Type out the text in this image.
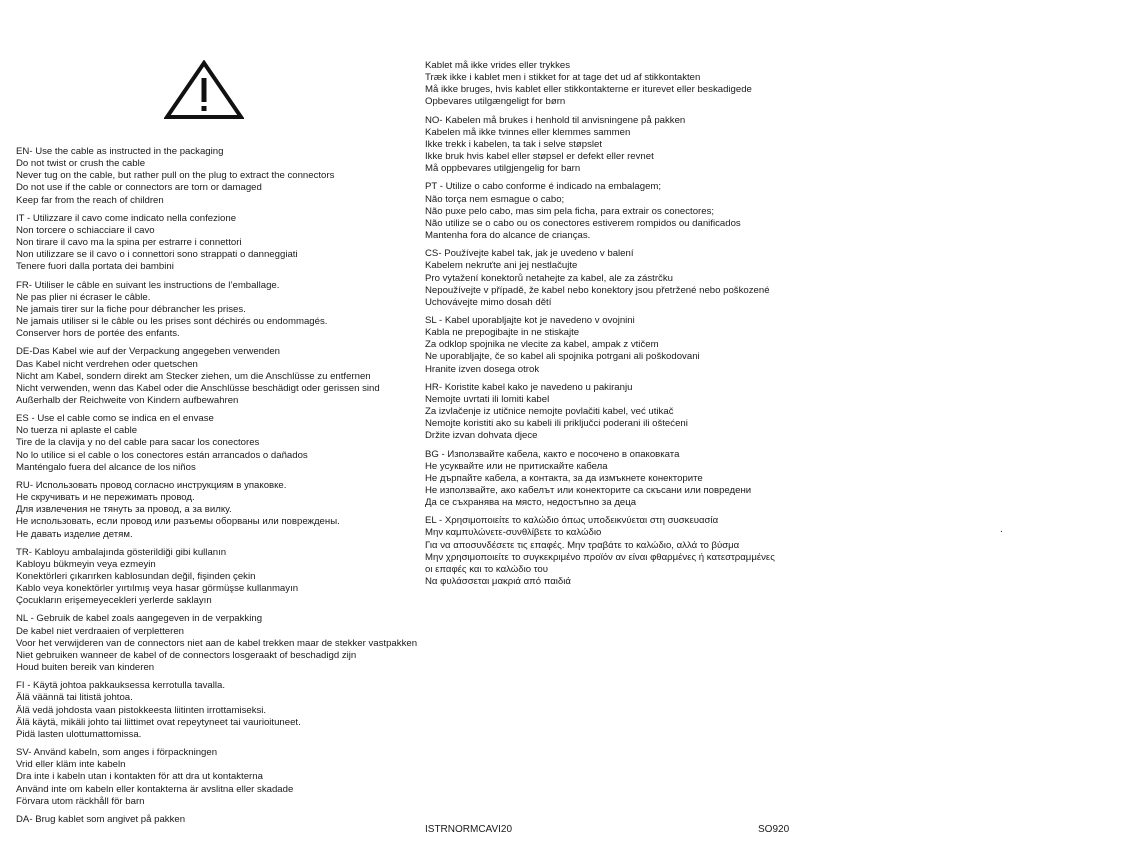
EN- Use the cable as instructed in the packaging
Do not twist or crush the cable
Never tug on the cable, but rather pull on the plug to extract the connectors
Do not use if the cable or connectors are torn or damaged
Keep far from the reach of children
IT - Utilizzare il cavo come indicato nella confezione
Non torcere o schiacciare il cavo
Non tirare il cavo ma la spina per estrarre i connettori
Non utilizzare se il cavo o i connettori sono strappati o danneggiati
Tenere fuori dalla portata dei bambini
FR- Utiliser le câble en suivant les instructions de l’emballage.
Ne pas plier ni écraser le câble.
Ne jamais tirer sur la fiche pour débrancher les prises.
Ne jamais utiliser si le câble ou les prises sont déchirés ou endommagés.
Conserver hors de portée des enfants.
DE-Das Kabel wie auf der Verpackung angegeben verwenden
Das Kabel nicht verdrehen oder quetschen
Nicht am Kabel, sondern direkt am Stecker ziehen, um die Anschlüsse zu entfernen
Nicht verwenden, wenn das Kabel oder die Anschlüsse beschädigt oder gerissen sind
Außerhalb der Reichweite von Kindern aufbewahren
ES - Use el cable como se indica en el envase
No tuerza ni aplaste el cable
Tire de la clavija y no del cable para sacar los conectores
No lo utilice si el cable o los conectores están arrancados o dañados
Manténgalo fuera del alcance de los niños
RU- Использовать провод согласно инструкциям в упаковке.
Не скручивать и не пережимать провод.
Для извлечения не тянуть за провод, а за вилку.
Не использовать, если провод или разъемы оборваны или повреждены.
Не давать изделие детям.
TR- Kabloyu ambalajında gösterildiği gibi kullanın
Kabloyu bükmeyin veya ezmeyin
Konektörleri çıkarırken kablosundan değil, fişinden çekin
Kablo veya konektörler yırtılmış veya hasar görmüşse kullanmayın
Çocukların erişemeyecekleri yerlerde saklayın
NL - Gebruik de kabel zoals aangegeven in de verpakking
De kabel niet verdraaien of verpletteren
Voor het verwijderen van de connectors niet aan de kabel trekken maar de stekker vastpakken
Niet gebruiken wanneer de kabel of de connectors losgeraakt of beschadigd zijn
Houd buiten bereik van kinderen
FI - Käytä johtoa pakkauksessa kerrotulla tavalla.
Älä väännä tai litistä johtoa.
Älä vedä johdosta vaan pistokkeesta liitinten irrottamiseksi.
Älä käytä, mikäli johto tai liittimet ovat repeytyneet tai vaurioituneet.
Pidä lasten ulottumattomissa.
SV- Använd kabeln, som anges i förpackningen
Vrid eller kläm inte kabeln
Dra inte i kabeln utan i kontakten för att dra ut kontakterna
Använd inte om kabeln eller kontakterna är avslitna eller skadade
Förvara utom räckhåll för barn
DA- Brug kablet som angivet på pakken
Kablet må ikke vrides eller trykkes
Træk ikke i kablet men i stikket for at tage det ud af stikkontakten
Må ikke bruges, hvis kablet eller stikkontakterne er iturevet eller beskadigede
Opbevares utilgængeligt for børn
NO- Kabelen må brukes i henhold til anvisningene på pakken
Kabelen må ikke tvinnes eller klemmes sammen
Ikke trekk i kabelen, ta tak i selve støpslet
Ikke bruk hvis kabel eller støpsel er defekt eller revnet
Må oppbevares utilgjengelig for barn
PT - Utilize o cabo conforme é indicado na embalagem;
Não torça nem esmague o cabo;
Não puxe pelo cabo, mas sim pela ficha, para extrair os conectores;
Não utilize se o cabo ou os conectores estiverem rompidos ou danificados
Mantenha fora do alcance de crianças.
CS- Používejte kabel tak, jak je uvedeno v balení
Kabelem nekruťte ani jej nestlačujte
Pro vytažení konektorů netahejte za kabel, ale za zástrčku
Nepoužívejte v případě, že kabel nebo konektory jsou přetržené nebo poškozené
Uchovávejte mimo dosah dětí
SL - Kabel uporabljajte kot je navedeno v ovojnini
Kabla ne prepogibajte in ne stiskajte
Za odklop spojnika ne vlecite za kabel, ampak z vtičem
Ne uporabljajte, če so kabel ali spojnika potrgani ali poškodovani
Hranite izven dosega otrok
HR- Koristite kabel kako je navedeno u pakiranju
Nemojte uvrtati ili lomiti kabel
Za izvlačenje iz utičnice nemojte povlačiti kabel, već utikač
Nemojte koristiti ako su kabeli ili priključci poderani ili oštećeni
Držite izvan dohvata djece
BG - Използвайте кабела, както е посочено в опаковката
Не усуквайте или не притискайте кабела
Не дърпайте кабела, а контакта, за да измъкнете конекторите
Не използвайте, ако кабелът или конекторите са скъсани или повредени
Да се съхранява на място, недостъпно за деца
EL - Χρησιμοποιείτε το καλώδιο όπως υποδεικνύεται στη συσκευασία
Μην καμπυλώνετε-συνθλίβετε το καλώδιο
Για να αποσυνδέσετε τις επαφές. Μην τραβάτε το καλώδιο, αλλά το βύσμα
Μην χρησιμοποιείτε το συγκεκριμένο προϊόν αν είναι φθαρμένες ή κατεστραμμένες
οι επαφές και το καλώδιο του
Να φυλάσσεται μακριά από παιδιά
ISTRNORMCAVI20	SO920
.
